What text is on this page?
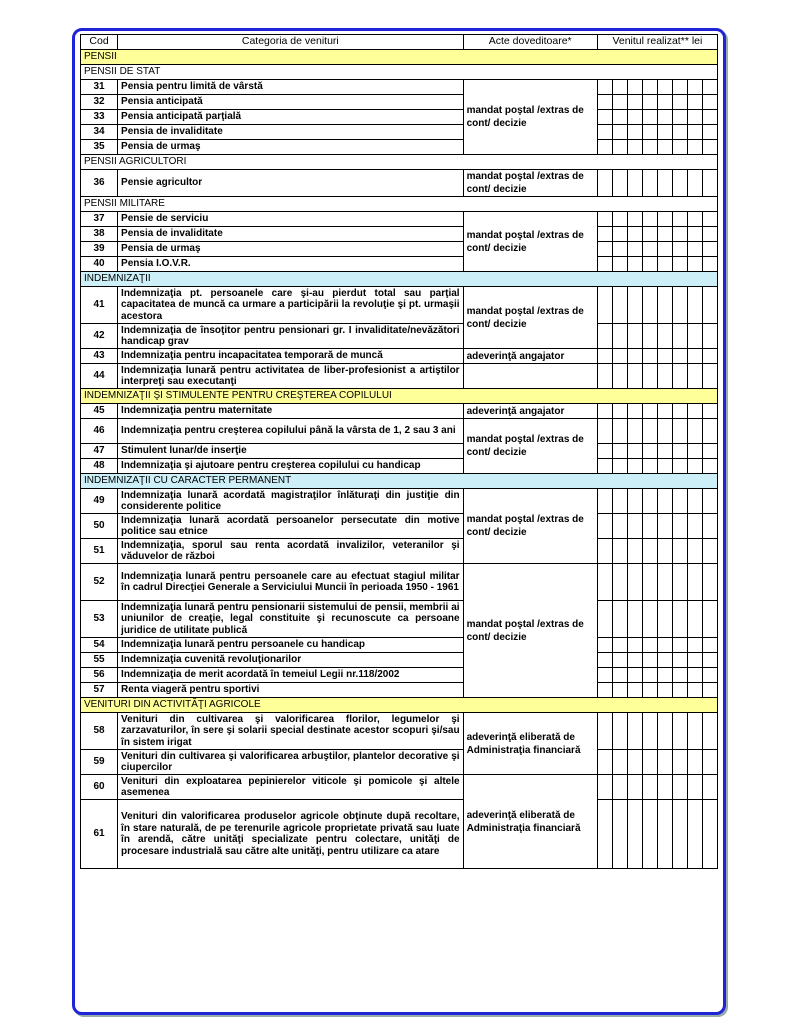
Cod	Categoria de venituri	Acte doveditoare*	Venitul realizat** lei							
PENSII										
PENSII DE STAT										
31	Pensia pentru limită de vârstă	mandat poştal /extras de cont/ decizie								
32	Pensia anticipată									
33	Pensia anticipată parţială									
34	Pensia de invaliditate									
35	Pensia de urmaş									
PENSII AGRICULTORI										
36	Pensie agricultor	mandat poştal /extras de cont/ decizie								
PENSII MILITARE										
37	Pensie de serviciu	mandat poştal /extras de cont/ decizie								
38	Pensia de invaliditate									
39	Pensia de urmaş									
40	Pensia I.O.V.R.									
INDEMNIZAŢII										
41	Indemnizaţia pt. persoanele care şi-au pierdut total sau parţial capacitatea de muncă ca urmare a participării la revoluţie şi pt. urmaşii acestora	mandat poştal /extras de cont/ decizie								
42	Indemnizaţia de însoţitor pentru pensionari gr. I invaliditate/nevăzători handicap grav									
43	Indemnizaţia pentru incapacitatea temporară de muncă	adeverinţă angajator								
44	Indemnizaţia lunară pentru activitatea de liber-profesionist a artiştilor interpreţi sau executanţi									
INDEMNIZAŢII ŞI STIMULENTE PENTRU CREŞTEREA COPILULUI										
45	Indemnizaţia pentru maternitate	adeverinţă angajator								
46	Indemnizaţia pentru creşterea copilului până la vârsta de 1, 2 sau 3 ani	mandat poştal /extras de cont/ decizie								
47	Stimulent lunar/de inserţie									
48	Indemnizaţia şi ajutoare pentru creşterea copilului cu handicap									
INDEMNIZAŢII CU CARACTER PERMANENT										
49	Indemnizaţia lunară acordată magistraţilor înlăturaţi din justiţie din considerente politice	mandat poştal /extras de cont/ decizie								
50	Indemnizaţia lunară acordată persoanelor persecutate din motive politice sau etnice									
51	Indemnizaţia, sporul sau renta acordată invalizilor, veteranilor şi văduvelor de război									
52	Indemnizaţia lunară pentru persoanele care au efectuat stagiul militar în cadrul Direcţiei Generale a Serviciului Muncii în perioada 1950 - 1961	mandat poştal /extras de cont/ decizie								
53	Indemnizaţia lunară pentru pensionarii sistemului de pensii, membrii ai uniunilor de creaţie, legal constituite şi recunoscute ca persoane juridice de utilitate publică									
54	Indemnizaţia lunară pentru persoanele cu handicap									
55	Indemnizaţia cuvenită revoluţionarilor									
56	Indemnizaţia de merit acordată în temeiul Legii nr.118/2002									
57	Renta viageră pentru sportivi									
VENITURI DIN ACTIVITĂŢI AGRICOLE										
58	Venituri din cultivarea şi valorificarea florilor, legumelor şi zarzavaturilor, în sere şi solarii special destinate acestor scopuri şi/sau în sistem irigat	adeverinţă eliberată de Administraţia financiară								
59	Venituri din cultivarea şi valorificarea arbuştilor, plantelor decorative şi ciupercilor									
60	Venituri din exploatarea pepinierelor viticole şi pomicole şi altele asemenea	adeverinţă eliberată de Administraţia financiară								
61	Venituri din valorificarea produselor agricole obţinute după recoltare, în stare naturală, de pe terenurile agricole proprietate privată sau luate în arendă, către unităţi specializate pentru colectare, unităţi de procesare industrială sau către alte unităţi, pentru utilizare ca atare									
